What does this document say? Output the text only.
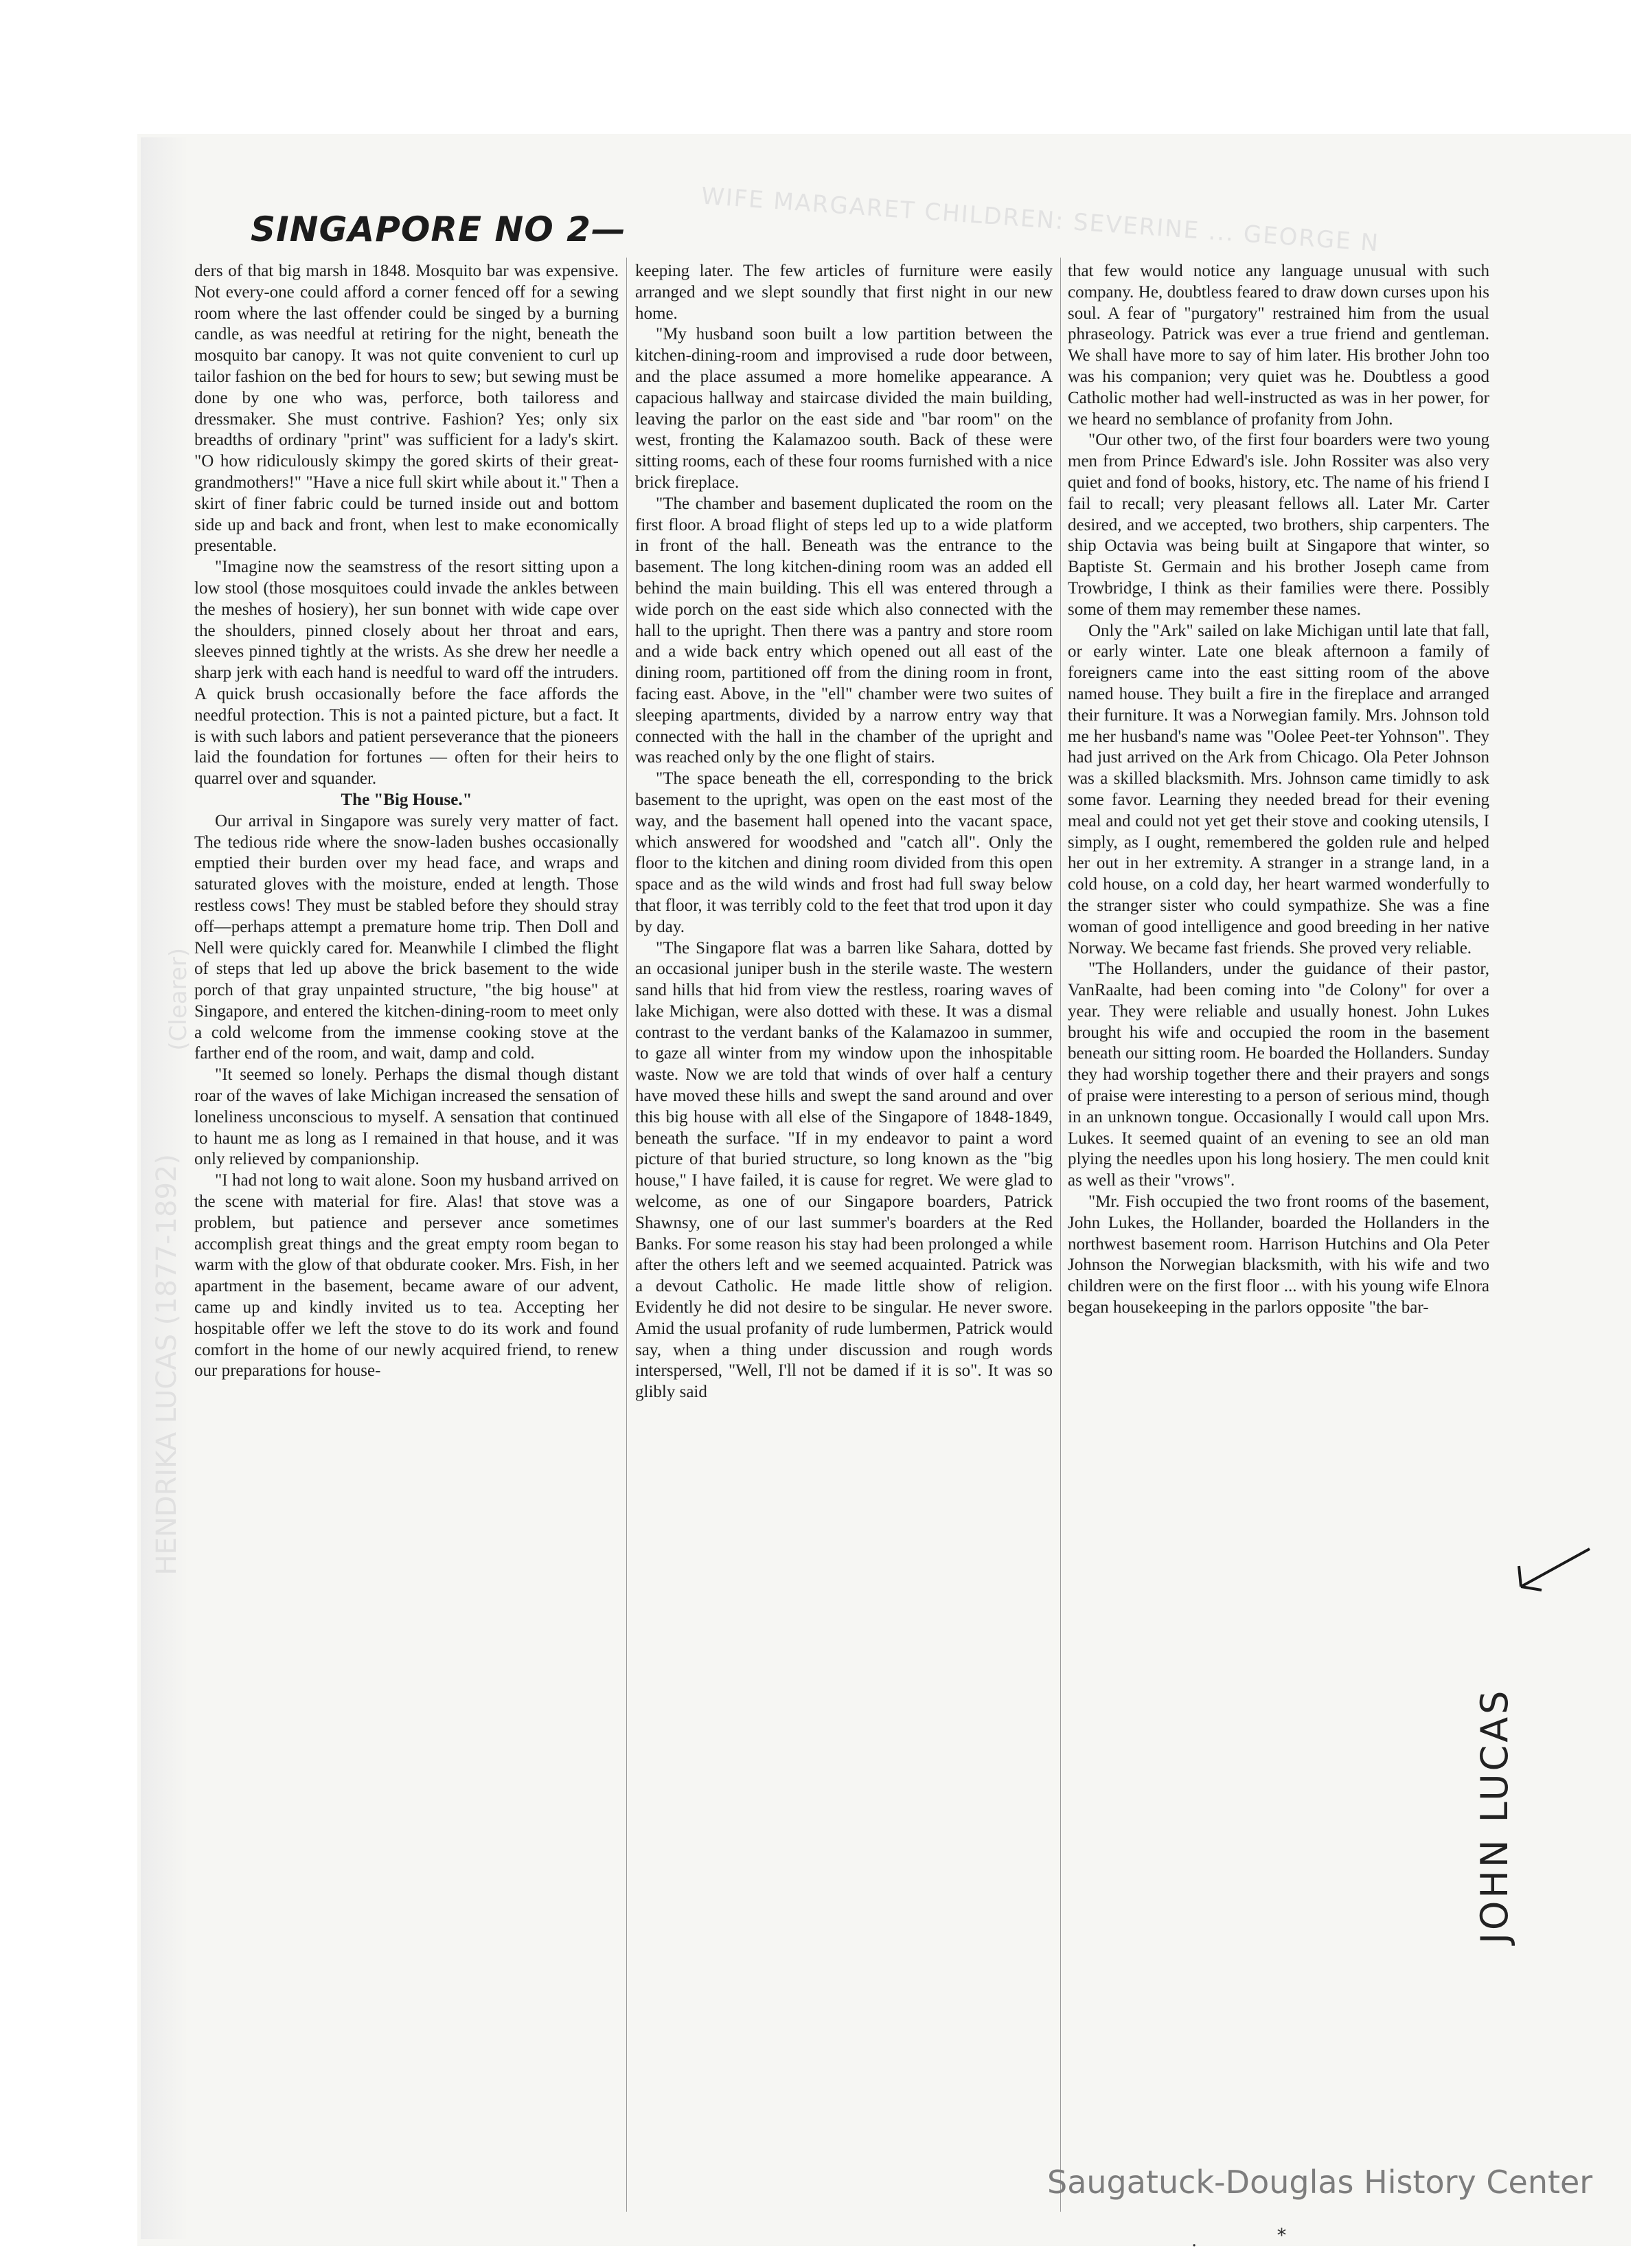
WIFE MARGARET CHILDREN: SEVERINE ... GEORGE N
(Clearer)
HENDRIKA LUCAS (1877-1892)
SINGAPORE NO 2—

ders of that big marsh in 1848. Mosquito bar was expensive. Not every-one could afford a corner fenced off for a sewing room where the last offender could be singed by a burning candle, as was needful at retiring for the night, beneath the mosquito bar canopy. It was not quite convenient to curl up tailor fashion on the bed for hours to sew; but sewing must be done by one who was, perforce, both tailoress and dressmaker. She must contrive. Fashion? Yes; only six breadths of ordinary "print" was sufficient for a lady's skirt. "O how ridiculously skimpy the gored skirts of their great-grandmothers!" "Have a nice full skirt while about it." Then a skirt of finer fabric could be turned inside out and bottom side up and back and front, when lest to make economically presentable.

"Imagine now the seamstress of the resort sitting upon a low stool (those mosquitoes could invade the ankles between the meshes of hosiery), her sun bonnet with wide cape over the shoulders, pinned closely about her throat and ears, sleeves pinned tightly at the wrists. As she drew her needle a sharp jerk with each hand is needful to ward off the intruders. A quick brush occasionally before the face affords the needful protection. This is not a painted picture, but a fact. It is with such labors and patient perseverance that the pioneers laid the foundation for fortunes — often for their heirs to quarrel over and squander.

The "Big House."

Our arrival in Singapore was surely very matter of fact. The tedious ride where the snow-laden bushes occasionally emptied their burden over my head face, and wraps and saturated gloves with the moisture, ended at length. Those restless cows! They must be stabled before they should stray off—perhaps attempt a premature home trip. Then Doll and Nell were quickly cared for. Meanwhile I climbed the flight of steps that led up above the brick basement to the wide porch of that gray unpainted structure, "the big house" at Singapore, and entered the kitchen-dining-room to meet only a cold welcome from the immense cooking stove at the farther end of the room, and wait, damp and cold.

"It seemed so lonely. Perhaps the dismal though distant roar of the waves of lake Michigan increased the sensation of loneliness unconscious to myself. A sensation that continued to haunt me as long as I remained in that house, and it was only relieved by companionship.

"I had not long to wait alone. Soon my husband arrived on the scene with material for fire. Alas! that stove was a problem, but patience and persever ance sometimes accomplish great things and the great empty room began to warm with the glow of that obdurate cooker. Mrs. Fish, in her apartment in the basement, became aware of our advent, came up and kindly invited us to tea. Accepting her hospitable offer we left the stove to do its work and found comfort in the home of our newly acquired friend, to renew our preparations for house-

keeping later. The few articles of furniture were easily arranged and we slept soundly that first night in our new home.

"My husband soon built a low partition between the kitchen-dining-room and improvised a rude door between, and the place assumed a more homelike appearance. A capacious hallway and staircase divided the main building, leaving the parlor on the east side and "bar room" on the west, fronting the Kalamazoo south. Back of these were sitting rooms, each of these four rooms furnished with a nice brick fireplace.

"The chamber and basement duplicated the room on the first floor. A broad flight of steps led up to a wide platform in front of the hall. Beneath was the entrance to the basement. The long kitchen-dining room was an added ell behind the main building. This ell was entered through a wide porch on the east side which also connected with the hall to the upright. Then there was a pantry and store room and a wide back entry which opened out all east of the dining room, partitioned off from the dining room in front, facing east. Above, in the "ell" chamber were two suites of sleeping apartments, divided by a narrow entry way that connected with the hall in the chamber of the upright and was reached only by the one flight of stairs.

"The space beneath the ell, corresponding to the brick basement to the upright, was open on the east most of the way, and the basement hall opened into the vacant space, which answered for woodshed and "catch all". Only the floor to the kitchen and dining room divided from this open space and as the wild winds and frost had full sway below that floor, it was terribly cold to the feet that trod upon it day by day.

"The Singapore flat was a barren like Sahara, dotted by an occasional juniper bush in the sterile waste. The western sand hills that hid from view the restless, roaring waves of lake Michigan, were also dotted with these. It was a dismal contrast to the verdant banks of the Kalamazoo in summer, to gaze all winter from my window upon the inhospitable waste. Now we are told that winds of over half a century have moved these hills and swept the sand around and over this big house with all else of the Singapore of 1848-1849, beneath the surface. "If in my endeavor to paint a word picture of that buried structure, so long known as the "big house," I have failed, it is cause for regret. We were glad to welcome, as one of our Singapore boarders, Patrick Shawnsy, one of our last summer's boarders at the Red Banks. For some reason his stay had been prolonged a while after the others left and we seemed acquainted. Patrick was a devout Catholic. He made little show of religion. Evidently he did not desire to be singular. He never swore. Amid the usual profanity of rude lumbermen, Patrick would say, when a thing under discussion and rough words interspersed, "Well, I'll not be damed if it is so". It was so glibly said

that few would notice any language unusual with such company. He, doubtless feared to draw down curses upon his soul. A fear of "purgatory" restrained him from the usual phraseology. Patrick was ever a true friend and gentleman. We shall have more to say of him later. His brother John too was his companion; very quiet was he. Doubtless a good Catholic mother had well-instructed as was in her power, for we heard no semblance of profanity from John.

"Our other two, of the first four boarders were two young men from Prince Edward's isle. John Rossiter was also very quiet and fond of books, history, etc. The name of his friend I fail to recall; very pleasant fellows all. Later Mr. Carter desired, and we accepted, two brothers, ship carpenters. The ship Octavia was being built at Singapore that winter, so Baptiste St. Germain and his brother Joseph came from Trowbridge, I think as their families were there. Possibly some of them may remember these names.

Only the "Ark" sailed on lake Michigan until late that fall, or early winter. Late one bleak afternoon a family of foreigners came into the east sitting room of the above named house. They built a fire in the fireplace and arranged their furniture. It was a Norwegian family. Mrs. Johnson told me her husband's name was "Oolee Peet-ter Yohnson". They had just arrived on the Ark from Chicago. Ola Peter Johnson was a skilled blacksmith. Mrs. Johnson came timidly to ask some favor. Learning they needed bread for their evening meal and could not yet get their stove and cooking utensils, I simply, as I ought, remembered the golden rule and helped her out in her extremity. A stranger in a strange land, in a cold house, on a cold day, her heart warmed wonderfully to the stranger sister who could sympathize. She was a fine woman of good intelligence and good breeding in her native Norway. We became fast friends. She proved very reliable.

"The Hollanders, under the guidance of their pastor, VanRaalte, had been coming into "de Colony" for over a year. They were reliable and usually honest. John Lukes brought his wife and occupied the room in the basement beneath our sitting room. He boarded the Hollanders. Sunday they had worship together there and their prayers and songs of praise were interesting to a person of serious mind, though in an unknown tongue. Occasionally I would call upon Mrs. Lukes. It seemed quaint of an evening to see an old man plying the needles upon his long hosiery. The men could knit as well as their "vrows".

"Mr. Fish occupied the two front rooms of the basement, John Lukes, the Hollander, boarded the Hollanders in the northwest basement room. Harrison Hutchins and Ola Peter Johnson the Norwegian blacksmith, with his wife and two children were on the first floor ... with his young wife Elnora began housekeeping in the parlors opposite "the bar-

JOHN LUCAS
·	*
Saugatuck-Douglas History Center
